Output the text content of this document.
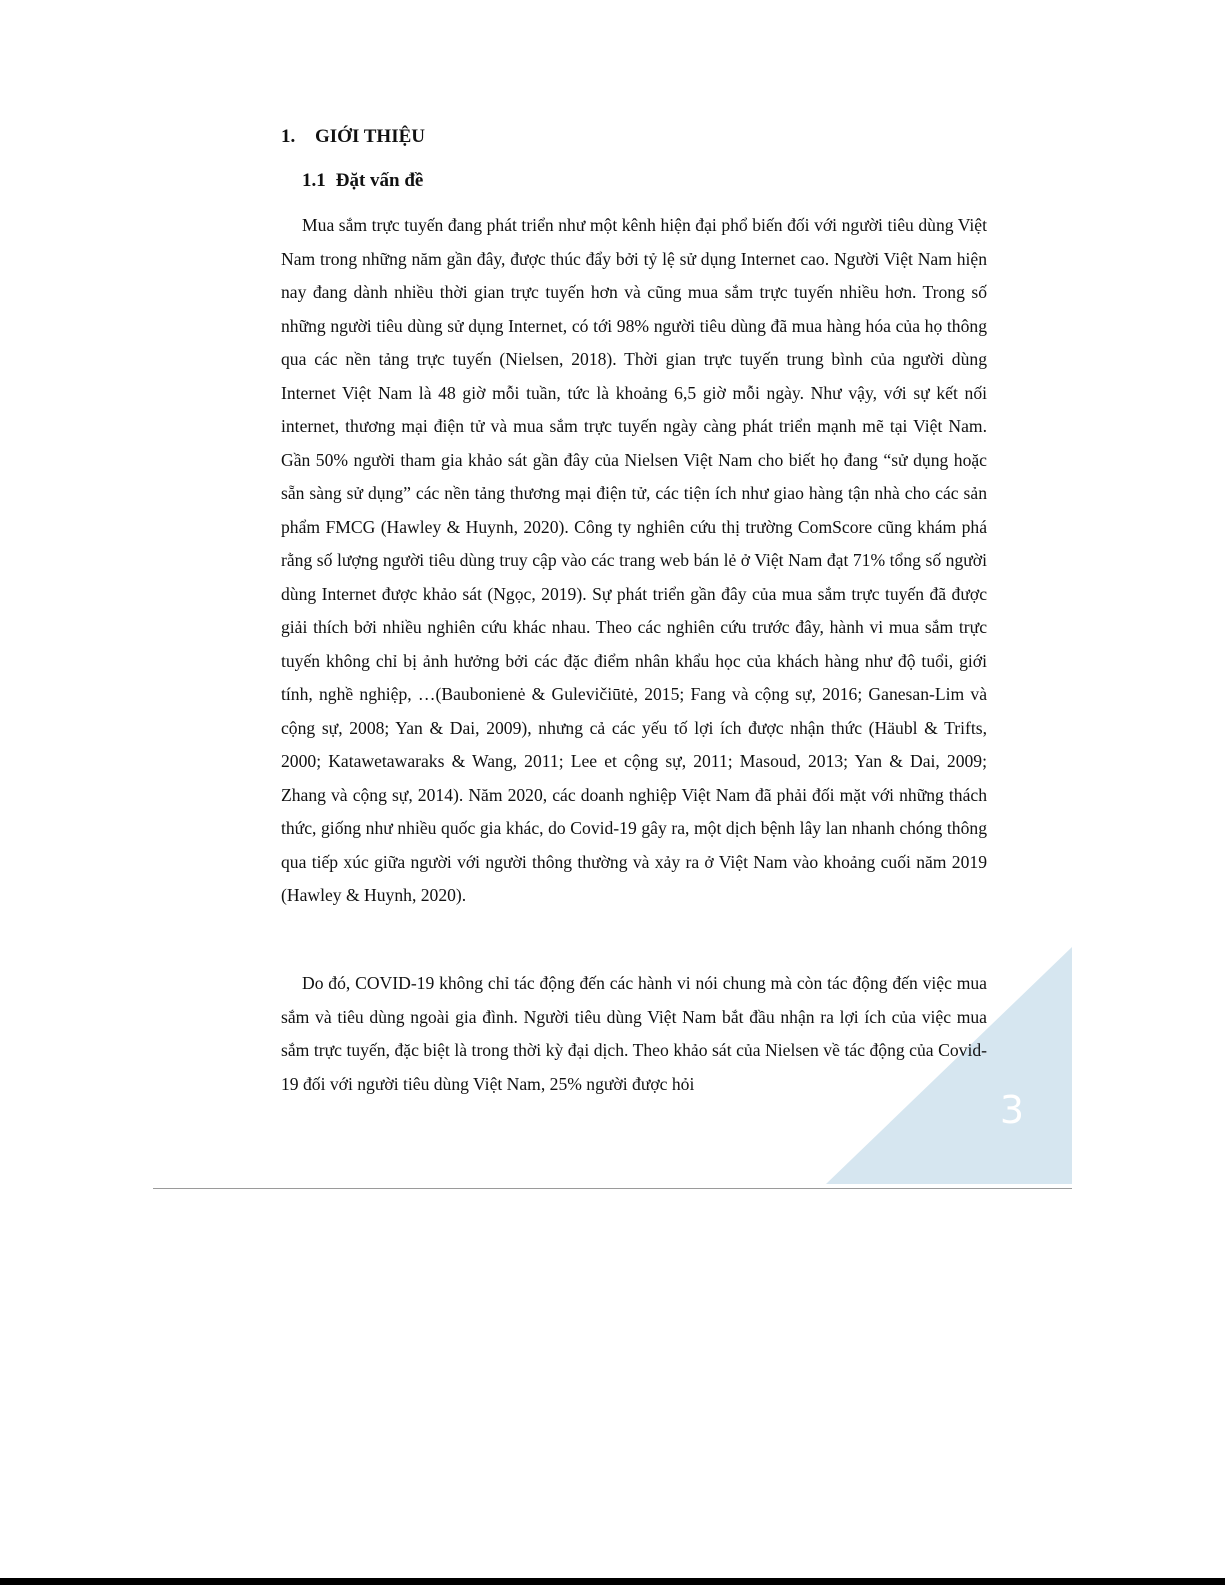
3
1. GIỚI THIỆU
1.1 Đặt vấn đề

Mua sắm trực tuyến đang phát triển như một kênh hiện đại phổ biến đối với người tiêu dùng Việt Nam trong những năm gần đây, được thúc đẩy bởi tỷ lệ sử dụng Internet cao. Người Việt Nam hiện nay đang dành nhiều thời gian trực tuyến hơn và cũng mua sắm trực tuyến nhiều hơn. Trong số những người tiêu dùng sử dụng Internet, có tới 98% người tiêu dùng đã mua hàng hóa của họ thông qua các nền tảng trực tuyến (Nielsen, 2018). Thời gian trực tuyến trung bình của người dùng Internet Việt Nam là 48 giờ mỗi tuần, tức là khoảng 6,5 giờ mỗi ngày. Như vậy, với sự kết nối internet, thương mại điện tử và mua sắm trực tuyến ngày càng phát triển mạnh mẽ tại Việt Nam. Gần 50% người tham gia khảo sát gần đây của Nielsen Việt Nam cho biết họ đang “sử dụng hoặc sẵn sàng sử dụng” các nền tảng thương mại điện tử, các tiện ích như giao hàng tận nhà cho các sản phẩm FMCG (Hawley & Huynh, 2020). Công ty nghiên cứu thị trường ComScore cũng khám phá rằng số lượng người tiêu dùng truy cập vào các trang web bán lẻ ở Việt Nam đạt 71% tổng số người dùng Internet được khảo sát (Ngọc, 2019). Sự phát triển gần đây của mua sắm trực tuyến đã được giải thích bởi nhiều nghiên cứu khác nhau. Theo các nghiên cứu trước đây, hành vi mua sắm trực tuyến không chỉ bị ảnh hưởng bởi các đặc điểm nhân khẩu học của khách hàng như độ tuổi, giới tính, nghề nghiệp, …(Baubonienė & Gulevičiūtė, 2015; Fang và cộng sự, 2016; Ganesan-Lim và cộng sự, 2008; Yan & Dai, 2009), nhưng cả các yếu tố lợi ích được nhận thức (Häubl & Trifts, 2000; Katawetawaraks & Wang, 2011; Lee et cộng sự, 2011; Masoud, 2013; Yan & Dai, 2009; Zhang và cộng sự, 2014). Năm 2020, các doanh nghiệp Việt Nam đã phải đối mặt với những thách thức, giống như nhiều quốc gia khác, do Covid-19 gây ra, một dịch bệnh lây lan nhanh chóng thông qua tiếp xúc giữa người với người thông thường và xảy ra ở Việt Nam vào khoảng cuối năm 2019 (Hawley & Huynh, 2020).

Do đó, COVID-19 không chỉ tác động đến các hành vi nói chung mà còn tác động đến việc mua sắm và tiêu dùng ngoài gia đình. Người tiêu dùng Việt Nam bắt đầu nhận ra lợi ích của việc mua sắm trực tuyến, đặc biệt là trong thời kỳ đại dịch. Theo khảo sát của Nielsen về tác động của Covid-19 đối với người tiêu dùng Việt Nam, 25% người được hỏi
